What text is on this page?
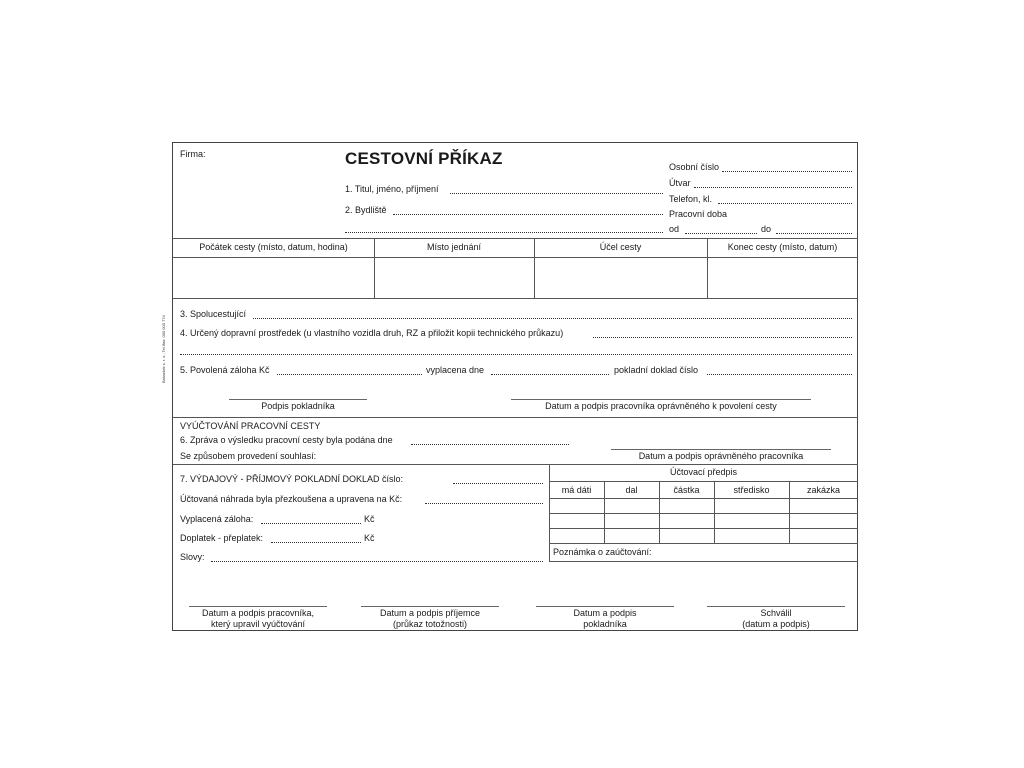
Firma:	CESTOVNÍ PŘÍKAZ
1. Titul, jméno, příjmení
2. Bydliště
Osobní číslo
Útvar
Telefon, kl.
Pracovní doba
od	do
Počátek cesty (místo, datum, hodina)	Místo jednání	Účel cesty	Konec cesty (místo, datum)
3. Spolucestující
4. Určený dopravní prostředek (u vlastního vozidla druh, RZ a přiložit kopii technického průkazu)
5. Povolená záloha Kč	vyplacena dne	pokladní doklad číslo
Podpis pokladníka	Datum a podpis pracovníka oprávněného k povolení cesty
VYÚČTOVÁNÍ PRACOVNÍ CESTY
6. Zpráva o výsledku pracovní cesty byla podána dne
Se způsobem provedení souhlasí:	Datum a podpis oprávněného pracovníka
7. VÝDAJOVÝ - PŘÍJMOVÝ POKLADNÍ DOKLAD číslo:
Účtovaná náhrada byla přezkoušena a upravena na Kč:
Vyplacená záloha:	Kč
Doplatek - přeplatek:	Kč
Slovy:
Účtovací předpis
má dáti	dal	částka	středisko	zakázka
Poznámka o zaúčtování:
Datum a podpis pracovníka,
který upravil vyúčtování
Datum a podpis příjemce
(průkaz totožnosti)
Datum a podpis
pokladníka
Schválil
(datum a podpis)
Baloušek s. r. o., Tel./fax: 000 000 774
